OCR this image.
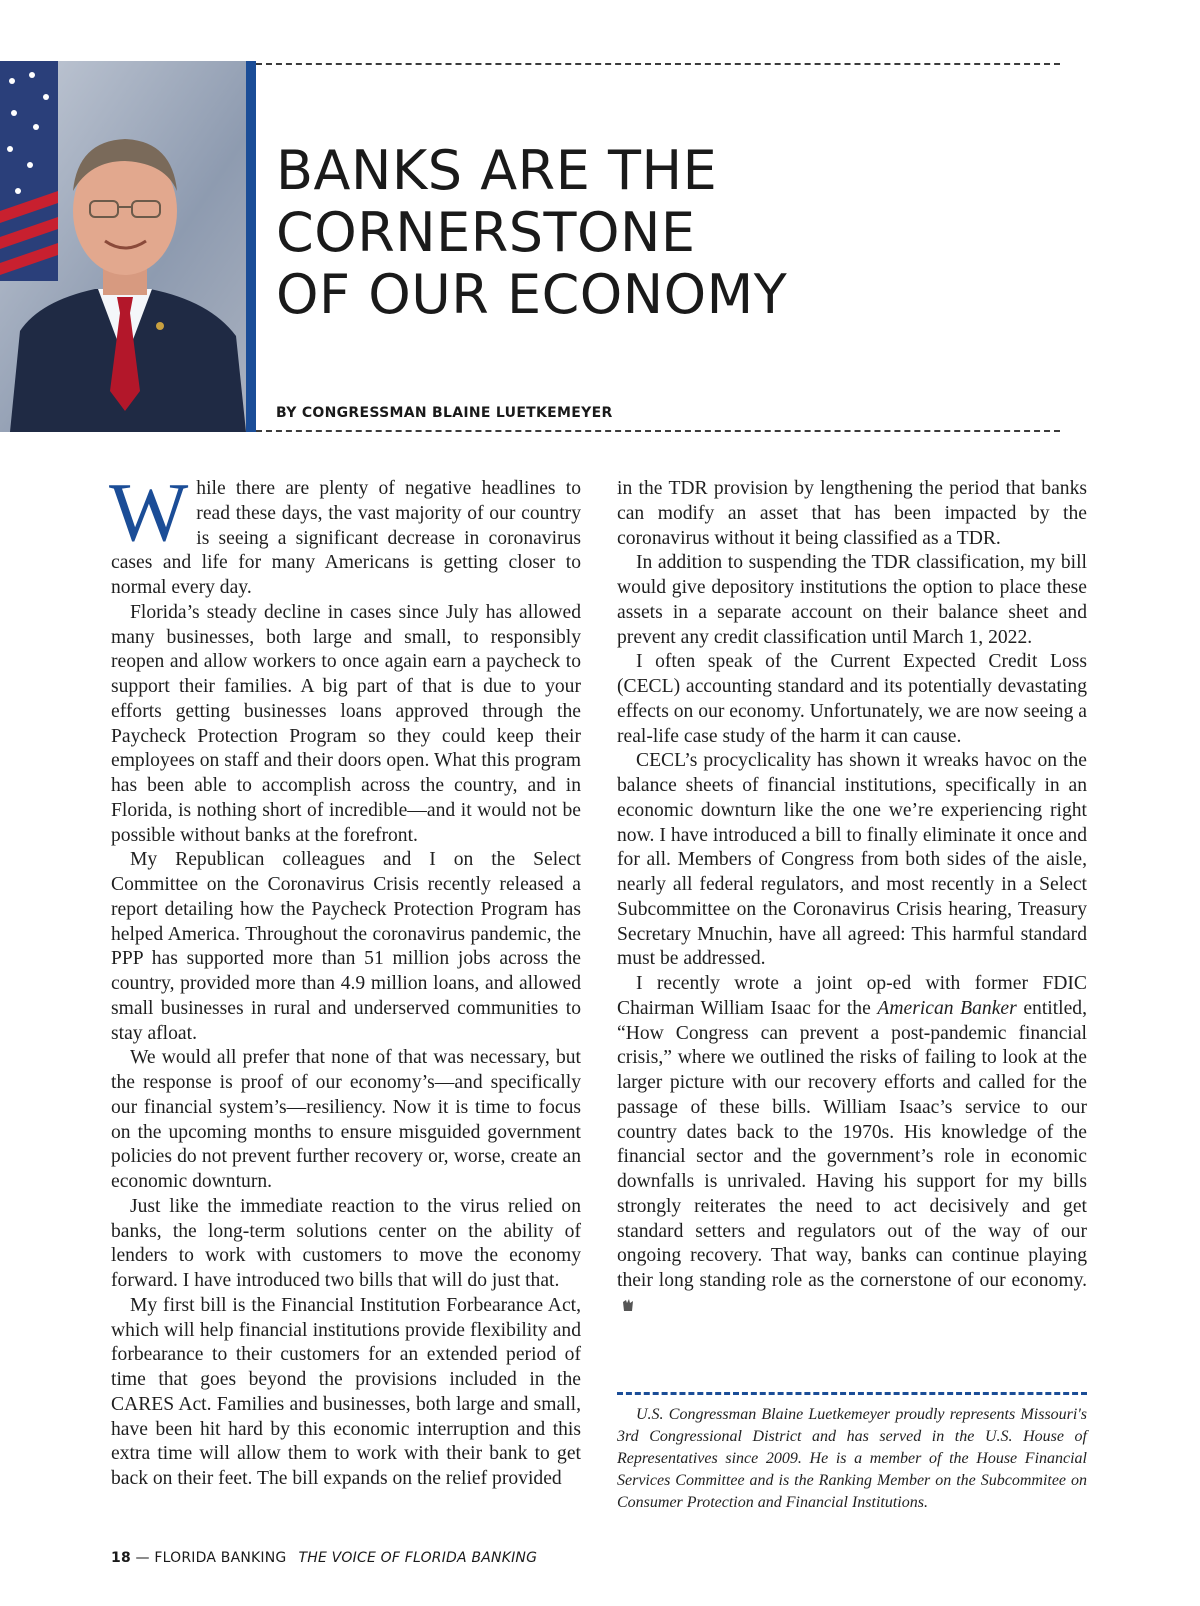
BANKS ARE THE
CORNERSTONE
OF OUR ECONOMY
BY CONGRESSMAN BLAINE LUETKEMEYER

While there are plenty of negative headlines to read these days, the vast majority of our country is seeing a significant decrease in coronavirus cases and life for many Americans is getting closer to normal every day.

Florida’s steady decline in cases since July has allowed many businesses, both large and small, to responsibly reopen and allow workers to once again earn a paycheck to support their families. A big part of that is due to your efforts getting businesses loans approved through the Paycheck Protection Program so they could keep their employees on staff and their doors open. What this program has been able to accomplish across the country, and in Florida, is nothing short of incredible—and it would not be possible without banks at the forefront.

My Republican colleagues and I on the Select Committee on the Coronavirus Crisis recently released a report detailing how the Paycheck Protection Program has helped America. Throughout the coronavirus pandemic, the PPP has supported more than 51 million jobs across the country, provided more than 4.9 million loans, and allowed small businesses in rural and underserved communities to stay afloat.

We would all prefer that none of that was necessary, but the response is proof of our economy’s—and specifically our financial system’s—resiliency. Now it is time to focus on the upcoming months to ensure misguided government policies do not prevent further recovery or, worse, create an economic downturn.

Just like the immediate reaction to the virus relied on banks, the long-term solutions center on the ability of lenders to work with customers to move the economy forward. I have introduced two bills that will do just that.

My first bill is the Financial Institution Forbearance Act, which will help financial institutions provide flexibility and forbearance to their customers for an extended period of time that goes beyond the provisions included in the CARES Act. Families and businesses, both large and small, have been hit hard by this economic interruption and this extra time will allow them to work with their bank to get back on their feet. The bill expands on the relief provided

in the TDR provision by lengthening the period that banks can modify an asset that has been impacted by the coronavirus without it being classified as a TDR.

In addition to suspending the TDR classification, my bill would give depository institutions the option to place these assets in a separate account on their balance sheet and prevent any credit classification until March 1, 2022.

I often speak of the Current Expected Credit Loss (CECL) accounting standard and its potentially devastating effects on our economy. Unfortunately, we are now seeing a real-life case study of the harm it can cause.

CECL’s procyclicality has shown it wreaks havoc on the balance sheets of financial institutions, specifically in an economic downturn like the one we’re experiencing right now. I have introduced a bill to finally eliminate it once and for all. Members of Congress from both sides of the aisle, nearly all federal regulators, and most recently in a Select Subcommittee on the Coronavirus Crisis hearing, Treasury Secretary Mnuchin, have all agreed: This harmful standard must be addressed.

I recently wrote a joint op-ed with former FDIC Chairman William Isaac for the American Banker entitled, “How Congress can prevent a post-pandemic financial crisis,” where we outlined the risks of failing to look at the larger picture with our recovery efforts and called for the passage of these bills. William Isaac’s service to our country dates back to the 1970s. His knowledge of the financial sector and the government’s role in economic downfalls is unrivaled. Having his support for my bills strongly reiterates the need to act decisively and get standard setters and regulators out of the way of our ongoing recovery. That way, banks can continue playing their long standing role as the cornerstone of our economy.

U.S. Congressman Blaine Luetkemeyer proudly represents Missouri's 3rd Congressional District and has served in the U.S. House of Representatives since 2009. He is a member of the House Financial Services Committee and is the Ranking Member on the Subcommitee on Consumer Protection and Financial Institutions.

18 — FLORIDA BANKING THE VOICE OF FLORIDA BANKING
